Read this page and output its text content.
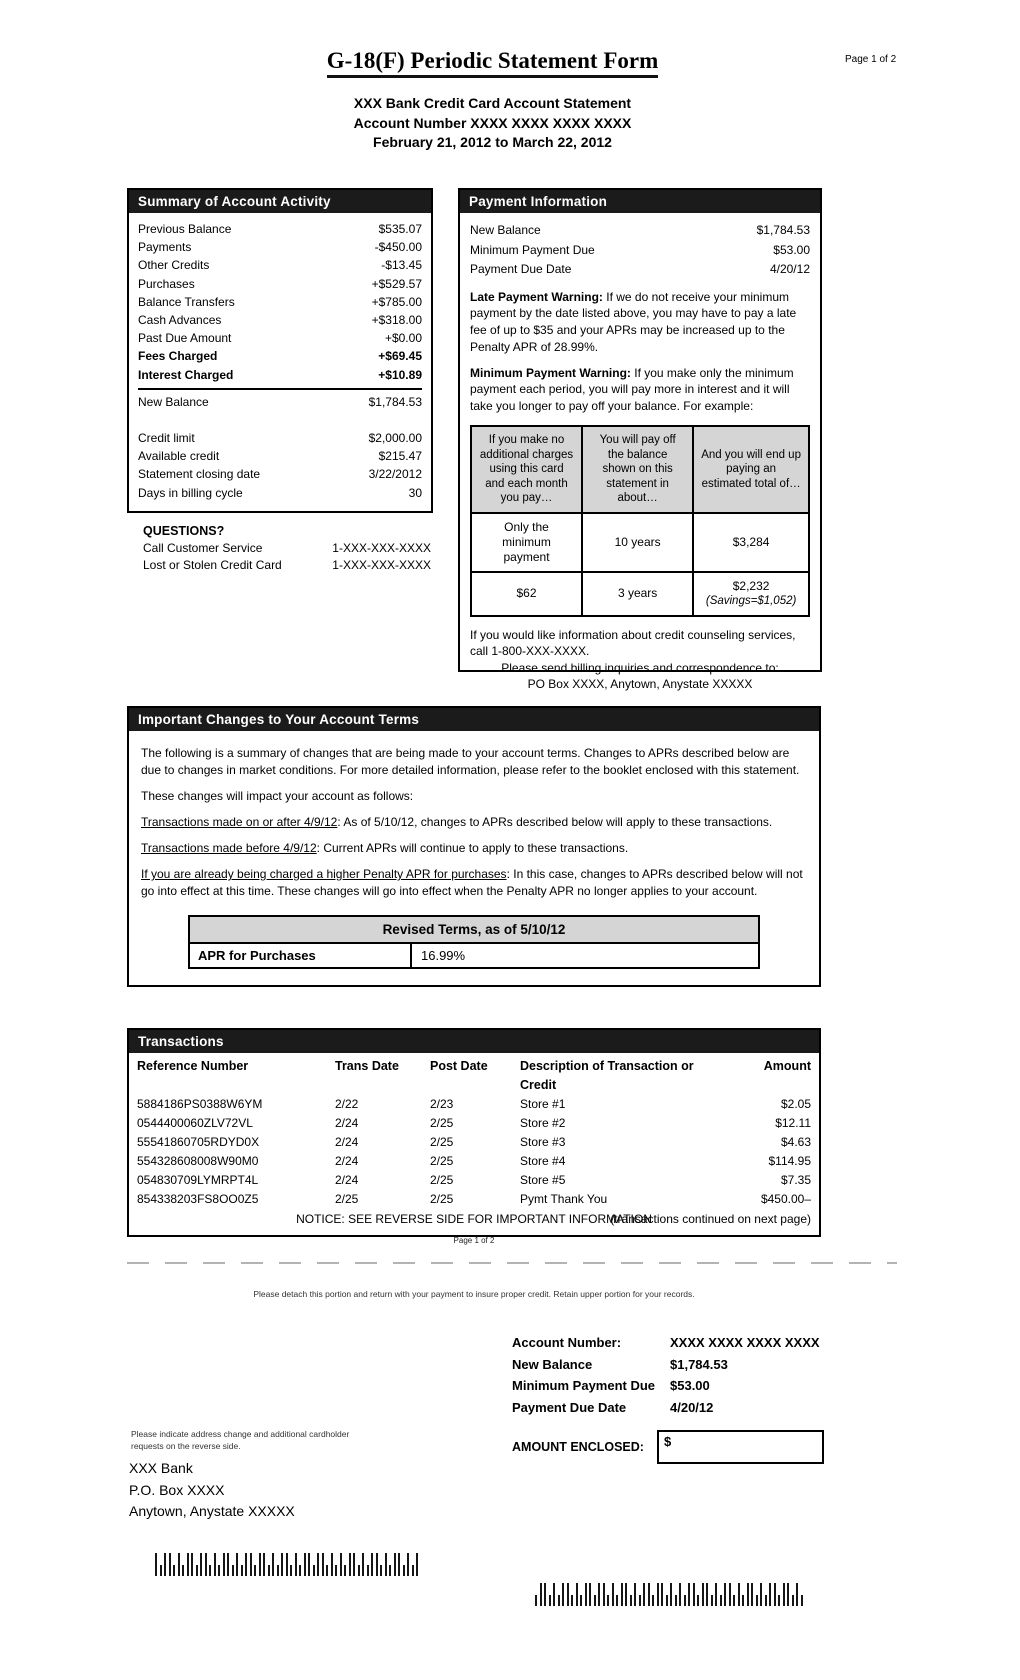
Page 1 of 2
G-18(F) Periodic Statement Form
XXX Bank Credit Card Account Statement
Account Number XXXX XXXX XXXX XXXX
February 21, 2012 to March 22, 2012
Summary of Account Activity
Previous Balance	$535.07
Payments	-$450.00
Other Credits	-$13.45
Purchases	+$529.57
Balance Transfers	+$785.00
Cash Advances	+$318.00
Past Due Amount	+$0.00
Fees Charged	+$69.45
Interest Charged	+$10.89
New Balance	$1,784.53
Credit limit	$2,000.00
Available credit	$215.47
Statement closing date	3/22/2012
Days in billing cycle	30
QUESTIONS?
Call Customer Service	1-XXX-XXX-XXXX
Lost or Stolen Credit Card	1-XXX-XXX-XXXX
Payment Information
New Balance	$1,784.53
Minimum Payment Due	$53.00
Payment Due Date	4/20/12

Late Payment Warning: If we do not receive your minimum payment by the date listed above, you may have to pay a late fee of up to $35 and your APRs may be increased up to the Penalty APR of 28.99%.

Minimum Payment Warning: If you make only the minimum payment each period, you will pay more in interest and it will take you longer to pay off your balance. For example:

If you make no additional charges using this card and each month you pay…	You will pay off the balance shown on this statement in about…	And you will end up paying an estimated total of…
Only the minimum payment	10 years	$3,284
$62	3 years	$2,232
(Savings=$1,052)

If you would like information about credit counseling services, call 1-800-XXX-XXXX.

Please send billing inquiries and correspondence to:
PO Box XXXX, Anytown, Anystate XXXXX
Important Changes to Your Account Terms

The following is a summary of changes that are being made to your account terms. Changes to APRs described below are due to changes in market conditions. For more detailed information, please refer to the booklet enclosed with this statement.

These changes will impact your account as follows:

Transactions made on or after 4/9/12: As of 5/10/12, changes to APRs described below will apply to these transactions.

Transactions made before 4/9/12: Current APRs will continue to apply to these transactions.

If you are already being charged a higher Penalty APR for purchases: In this case, changes to APRs described below will not go into effect at this time. These changes will go into effect when the Penalty APR no longer applies to your account.

Revised Terms, as of 5/10/12
APR for Purchases	16.99%
Transactions
Reference Number	Trans Date	Post Date	Description of Transaction or Credit
Amount
5884186PS0388W6YM	2/22	2/23	Store #1	$2.05
0544400060ZLV72VL	2/24	2/25	Store #2	$12.11
55541860705RDYD0X	2/24	2/25	Store #3	$4.63
554328608008W90M0	2/24	2/25	Store #4	$114.95
054830709LYMRPT4L	2/24	2/25	Store #5	$7.35
854338203FS8OO0Z5	2/25	2/25	Pymt Thank You	$450.00–
(transactions continued on next page)
NOTICE: SEE REVERSE SIDE FOR IMPORTANT INFORMATION
Page 1 of 2
Please detach this portion and return with your payment to insure proper credit. Retain upper portion for your records.
Account Number:	XXXX XXXX XXXX XXXX
New Balance	$1,784.53
Minimum Payment Due	$53.00
Payment Due Date	4/20/12
AMOUNT ENCLOSED:	$
Please indicate address change and additional cardholder requests on the reverse side.
XXX Bank
P.O. Box XXXX
Anytown, Anystate XXXXX
